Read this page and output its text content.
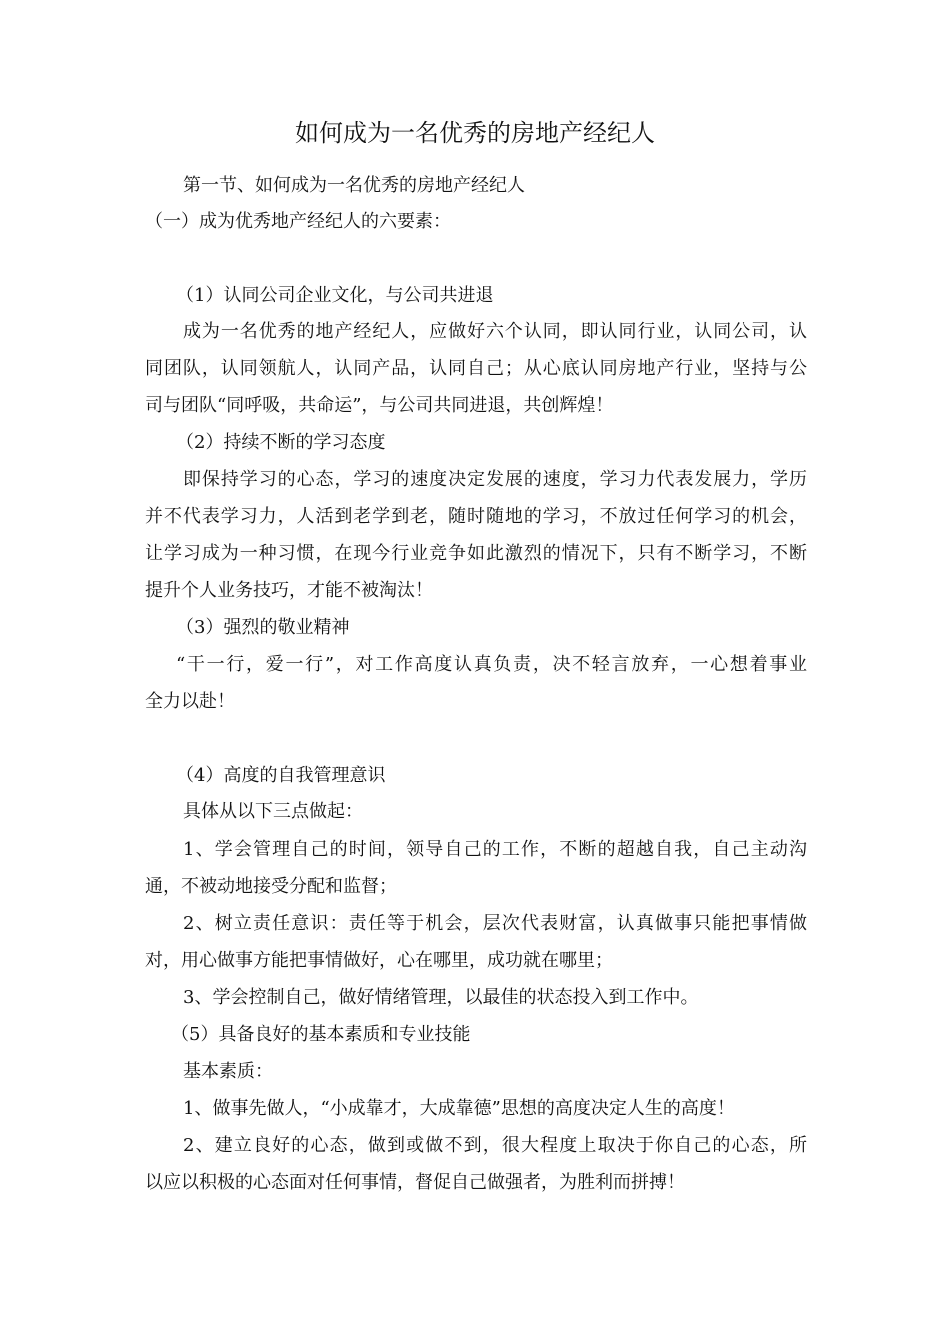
如何成为一名优秀的房地产经纪人
第一节、如何成为一名优秀的房地产经纪人
（一）成为优秀地产经纪人的六要素：
（1）认同公司企业文化，与公司共进退
成为一名优秀的地产经纪人，应做好六个认同，即认同行业，认同公司，认
同团队，认同领航人，认同产品，认同自己；从心底认同房地产行业，坚持与公
司与团队“同呼吸，共命运”，与公司共同进退，共创辉煌！
（2）持续不断的学习态度
即保持学习的心态，学习的速度决定发展的速度，学习力代表发展力，学历
并不代表学习力，人活到老学到老，随时随地的学习，不放过任何学习的机会，
让学习成为一种习惯，在现今行业竞争如此激烈的情况下，只有不断学习，不断
提升个人业务技巧，才能不被淘汰！
（3）强烈的敬业精神
“干一行，爱一行”，对工作高度认真负责，决不轻言放弃，一心想着事业
全力以赴！
（4）高度的自我管理意识
具体从以下三点做起：
1、学会管理自己的时间，领导自己的工作，不断的超越自我，自己主动沟
通，不被动地接受分配和监督；
2、树立责任意识：责任等于机会，层次代表财富，认真做事只能把事情做
对，用心做事方能把事情做好，心在哪里，成功就在哪里；
3、学会控制自己，做好情绪管理，以最佳的状态投入到工作中。
（5）具备良好的基本素质和专业技能
基本素质：
1、做事先做人，“小成靠才，大成靠德”思想的高度决定人生的高度！
2、建立良好的心态，做到或做不到，很大程度上取决于你自己的心态，所
以应以积极的心态面对任何事情，督促自己做强者，为胜利而拼搏！
